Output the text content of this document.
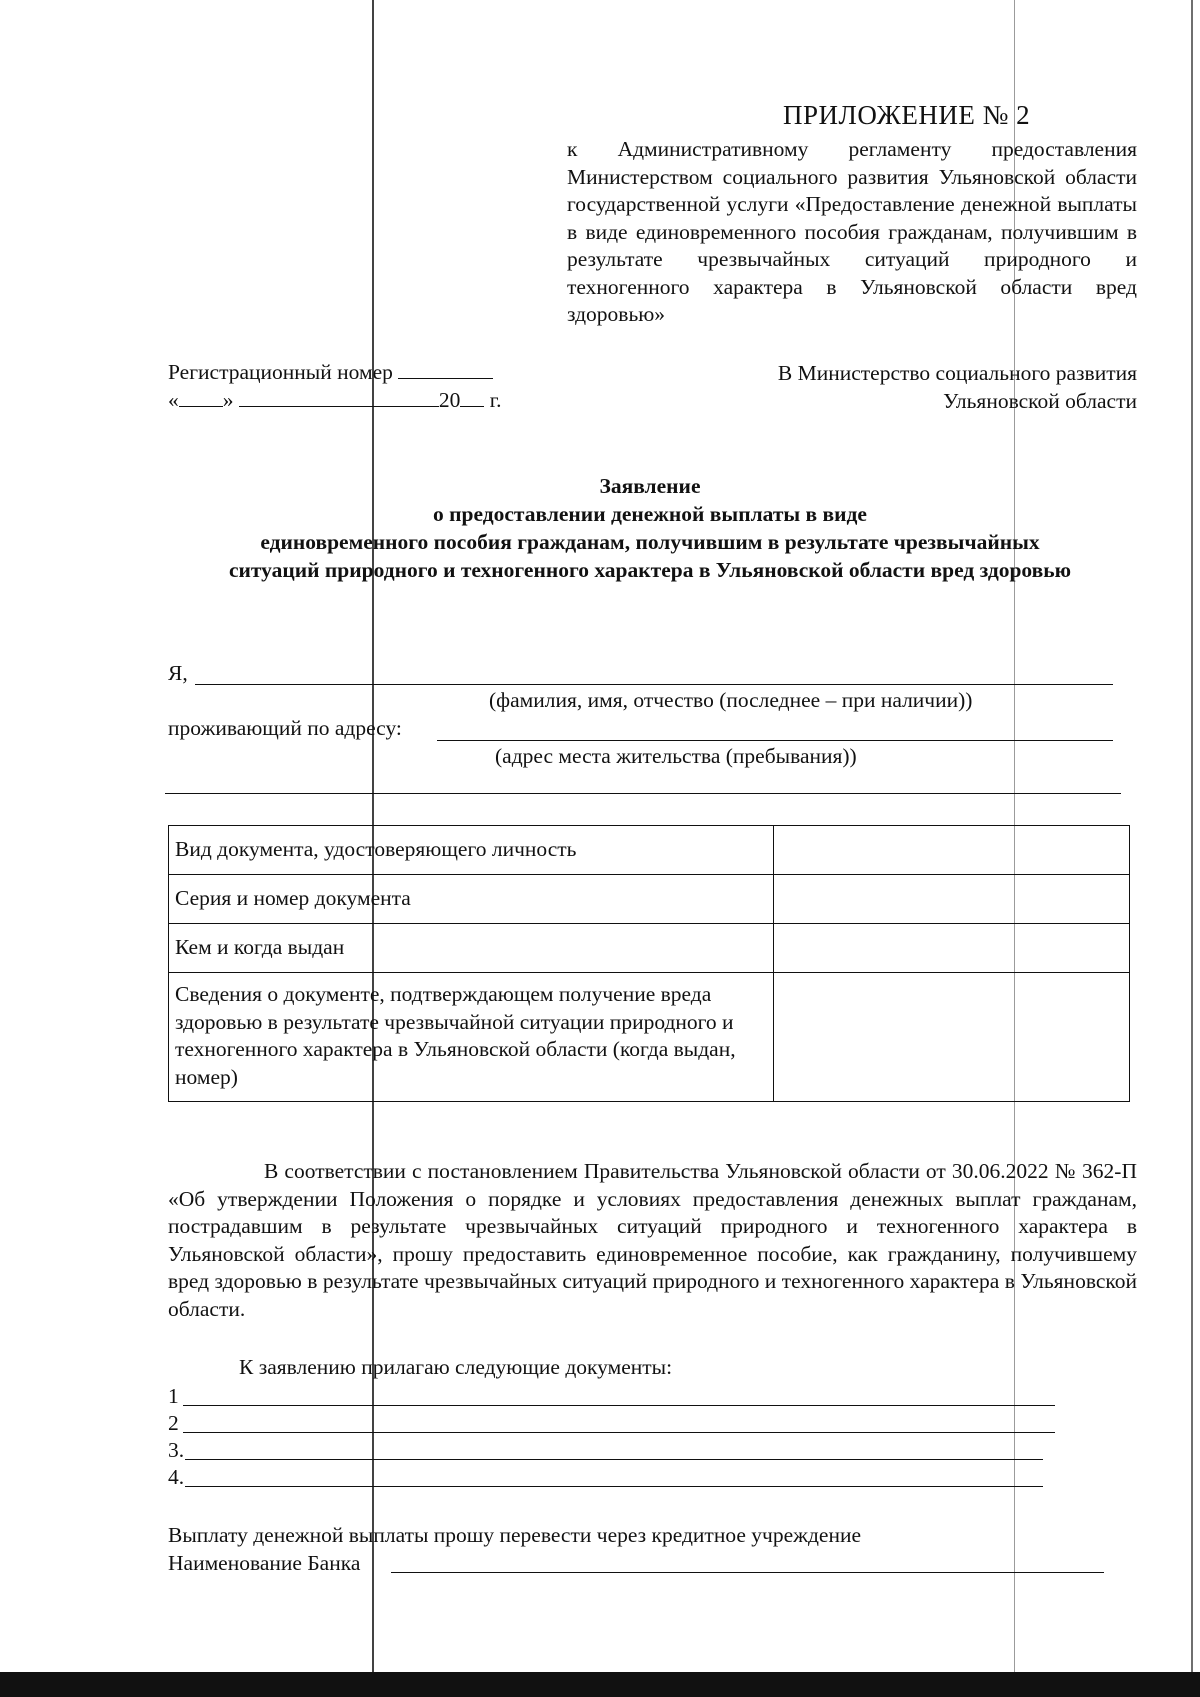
ПРИЛОЖЕНИЕ № 2
к Административному регламенту предоставления Министерством социального развития Ульяновской области государственной услуги «Предоставление денежной выплаты в виде единовременного пособия гражданам, получившим в результате чрезвычайных ситуаций природного и техногенного характера в Ульяновской области вред здоровью»
Регистрационный номер
« »	20 г.
В Министерство социального развития
Ульяновской области
Заявление
о предоставлении денежной выплаты в виде
единовременного пособия гражданам, получившим в результате чрезвычайных
ситуаций природного и техногенного характера в Ульяновской области вред здоровью
Я,
(фамилия, имя, отчество (последнее – при наличии))
проживающий по адресу:
(адрес места жительства (пребывания))
Вид документа, удостоверяющего личность	
Серия и номер документа	
Кем и когда выдан	
Сведения о документе, подтверждающем получение вреда здоровью в результате чрезвычайной ситуации природного и техногенного характера в Ульяновской области (когда выдан, номер)	
В соответствии с постановлением Правительства Ульяновской области от 30.06.2022 № 362-П «Об утверждении Положения о порядке и условиях предоставления денежных выплат гражданам, пострадавшим в результате чрезвычайных ситуаций природного и техногенного характера в Ульяновской области», прошу предоставить единовременное пособие, как гражданину, получившему вред здоровью в результате чрезвычайных ситуаций природного и техногенного характера в Ульяновской области.
К заявлению прилагаю следующие документы:
1
2
3.
4.
Выплату денежной выплаты прошу перевести через кредитное учреждение
Наименование Банка
